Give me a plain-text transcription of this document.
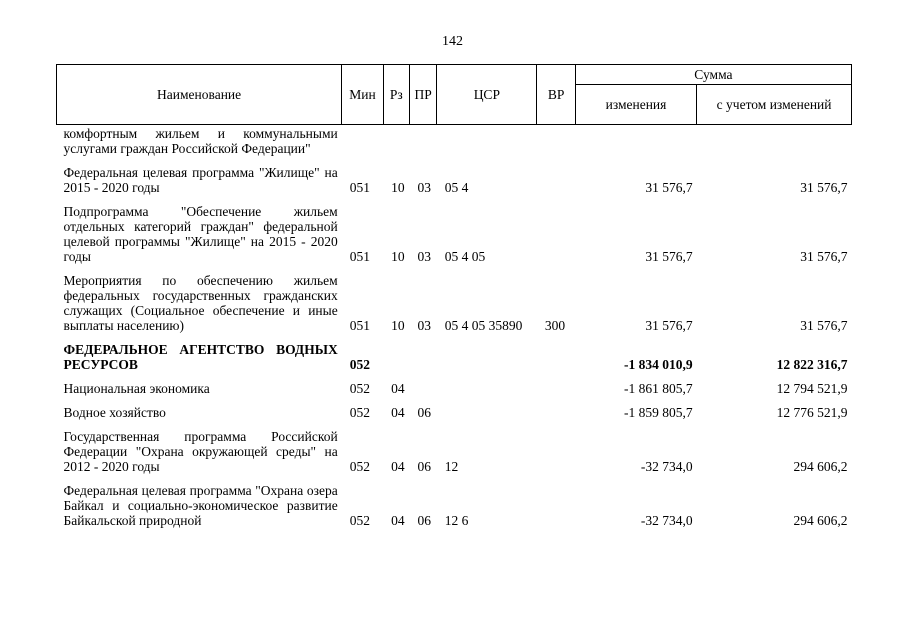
142
Наименование	Мин	Рз	ПР	ЦСР	ВР	Сумма	
						изменения	с учетом изменений
комфортным жильем и коммунальными услугами граждан Российской Федерации"							
Федеральная целевая программа "Жилище" на 2015 - 2020 годы	051	10	03	05 4		31 576,7	31 576,7
Подпрограмма "Обеспечение жильем отдельных категорий граждан" федеральной целевой программы "Жилище" на 2015 - 2020 годы	051	10	03	05 4 05		31 576,7	31 576,7
Мероприятия по обеспечению жильем федеральных государственных гражданских служащих (Социальное обеспечение и иные выплаты населению)	051	10	03	05 4 05 35890	300	31 576,7	31 576,7
ФЕДЕРАЛЬНОЕ АГЕНТСТВО ВОДНЫХ РЕСУРСОВ	052					-1 834 010,9	12 822 316,7
Национальная экономика	052	04				-1 861 805,7	12 794 521,9
Водное хозяйство	052	04	06			-1 859 805,7	12 776 521,9
Государственная программа Российской Федерации "Охрана окружающей среды" на 2012 - 2020 годы	052	04	06	12		-32 734,0	294 606,2
Федеральная целевая программа "Охрана озера Байкал и социально-экономическое развитие Байкальской природной	052	04	06	12 6		-32 734,0	294 606,2
